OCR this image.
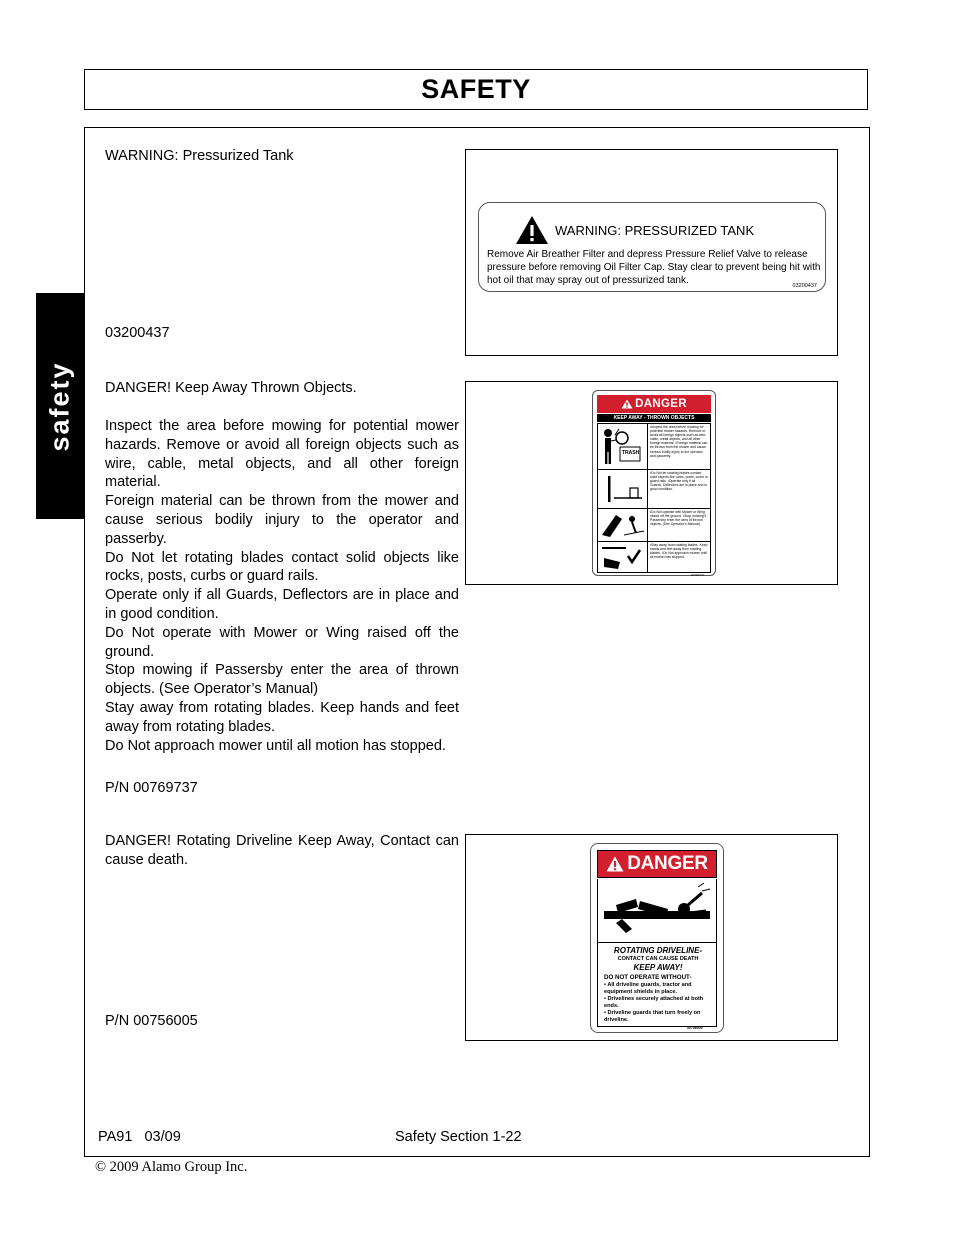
SAFETY
safety
WARNING: Pressurized Tank
03200437
WARNING: PRESSURIZED TANK
Remove Air Breather Filter and depress Pressure Relief Valve to release pressure before removing Oil Filter Cap. Stay clear to prevent being hit with hot oil that may spray out of pressurized tank.	03200437
DANGER! Keep Away Thrown Objects.
Inspect the area before mowing for potential mower hazards. Remove or avoid all foreign objects such as wire, cable, metal objects, and all other foreign material.
Foreign material can be thrown from the mower and cause serious bodily injury to the operator and passerby.
Do Not let rotating blades contact solid objects like rocks, posts, curbs or guard rails.
Operate only if all Guards, Deflectors are in place and in good condition.
Do Not operate with Mower or Wing raised off the ground.
Stop mowing if Passersby enter the area of thrown objects. (See Operator’s Manual)
Stay away from rotating blades. Keep hands and feet away from rotating blades.
Do Not approach mower until all motion has stopped.
P/N 00769737
DANGER
KEEP AWAY - THROWN OBJECTS
TRASH
•Inspect the area before mowing for potential mower hazards. Remove or avoid all foreign objects such as wire, cable, metal objects, and all other foreign material. •Foreign material can be thrown from the mower and cause serious bodily injury to the operator and passerby.
•Do Not let rotating blades contact solid objects like rocks, posts, curbs or guard rails. •Operate only if all Guards, Deflectors are in place and in good condition.
•Do Not operate with Mower or Wing raised off the ground. •Stop mowing if Passersby enter the area of thrown objects. (See Operator’s Manual)
•Stay away from rotating blades. Keep hands and feet away from rotating blades. •Do Not approach mower until all motion has stopped.
00769737
DANGER! Rotating Driveline Keep Away, Contact can cause death.
P/N 00756005
DANGER
ROTATING DRIVELINE-
CONTACT CAN CAUSE DEATH
KEEP AWAY!
DO NOT OPERATE WITHOUT-
• All driveline guards, tractor and equipment shields in place.
• Drivelines securely attached at both ends.
• Driveline guards that turn freely on driveline.
00756005
PA91   03/09	Safety Section 1-22
© 2009 Alamo Group Inc.
